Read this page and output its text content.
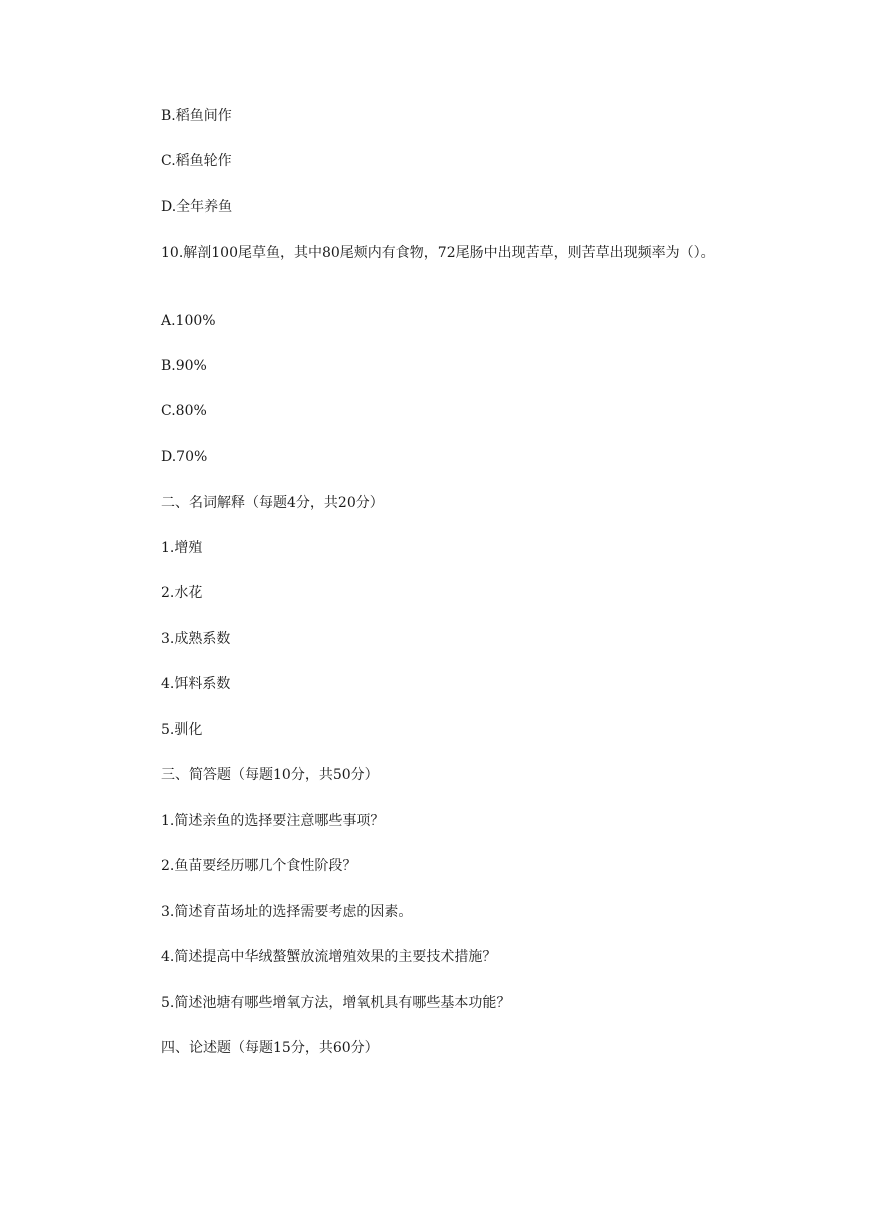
B.稻鱼间作
C.稻鱼轮作
D.全年养鱼
10.解剖100尾草鱼，其中80尾颊内有食物，72尾肠中出现苦草，则苦草出现频率为（）。
A.100%
B.90%
C.80%
D.70%
二、名词解释（每题4分，共20分）
1.增殖
2.水花
3.成熟系数
4.饵料系数
5.驯化
三、简答题（每题10分，共50分）
1.简述亲鱼的选择要注意哪些事项？
2.鱼苗要经历哪几个食性阶段？
3.简述育苗场址的选择需要考虑的因素。
4.简述提高中华绒螯蟹放流增殖效果的主要技术措施？
5.简述池塘有哪些增氧方法，增氧机具有哪些基本功能？
四、论述题（每题15分，共60分）
